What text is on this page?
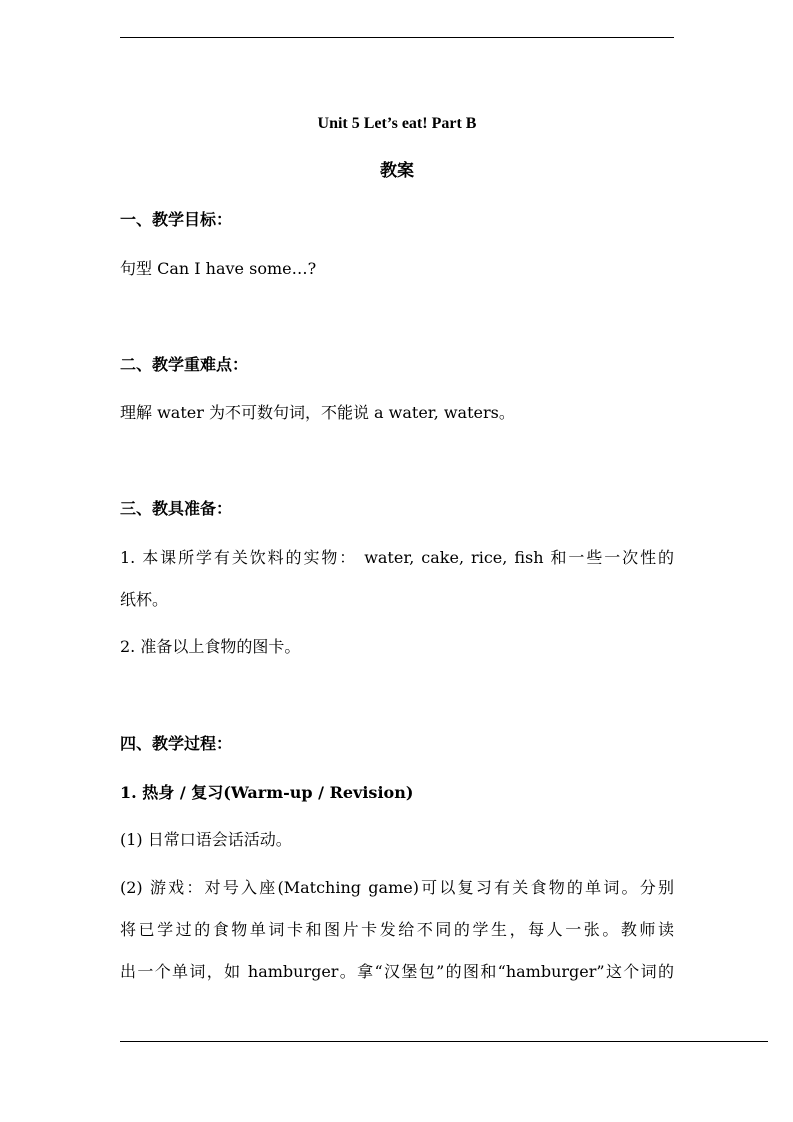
Unit 5 Let’s eat! Part B
教案
一、教学目标：
句型 Can I have some…?
二、教学重难点：
理解 water 为不可数句词，不能说 a water, waters。
三、教具准备：
1. 本课所学有关饮料的实物： water, cake, rice, fish 和一些一次性的
纸杯。
2. 准备以上食物的图卡。
四、教学过程：
1. 热身 / 复习(Warm-up / Revision)
(1) 日常口语会话活动。
(2) 游戏：对号入座(Matching game)可以复习有关食物的单词。分别
将已学过的食物单词卡和图片卡发给不同的学生，每人一张。教师读
出一个单词，如 hamburger。拿“汉堡包”的图和“hamburger”这个词的
